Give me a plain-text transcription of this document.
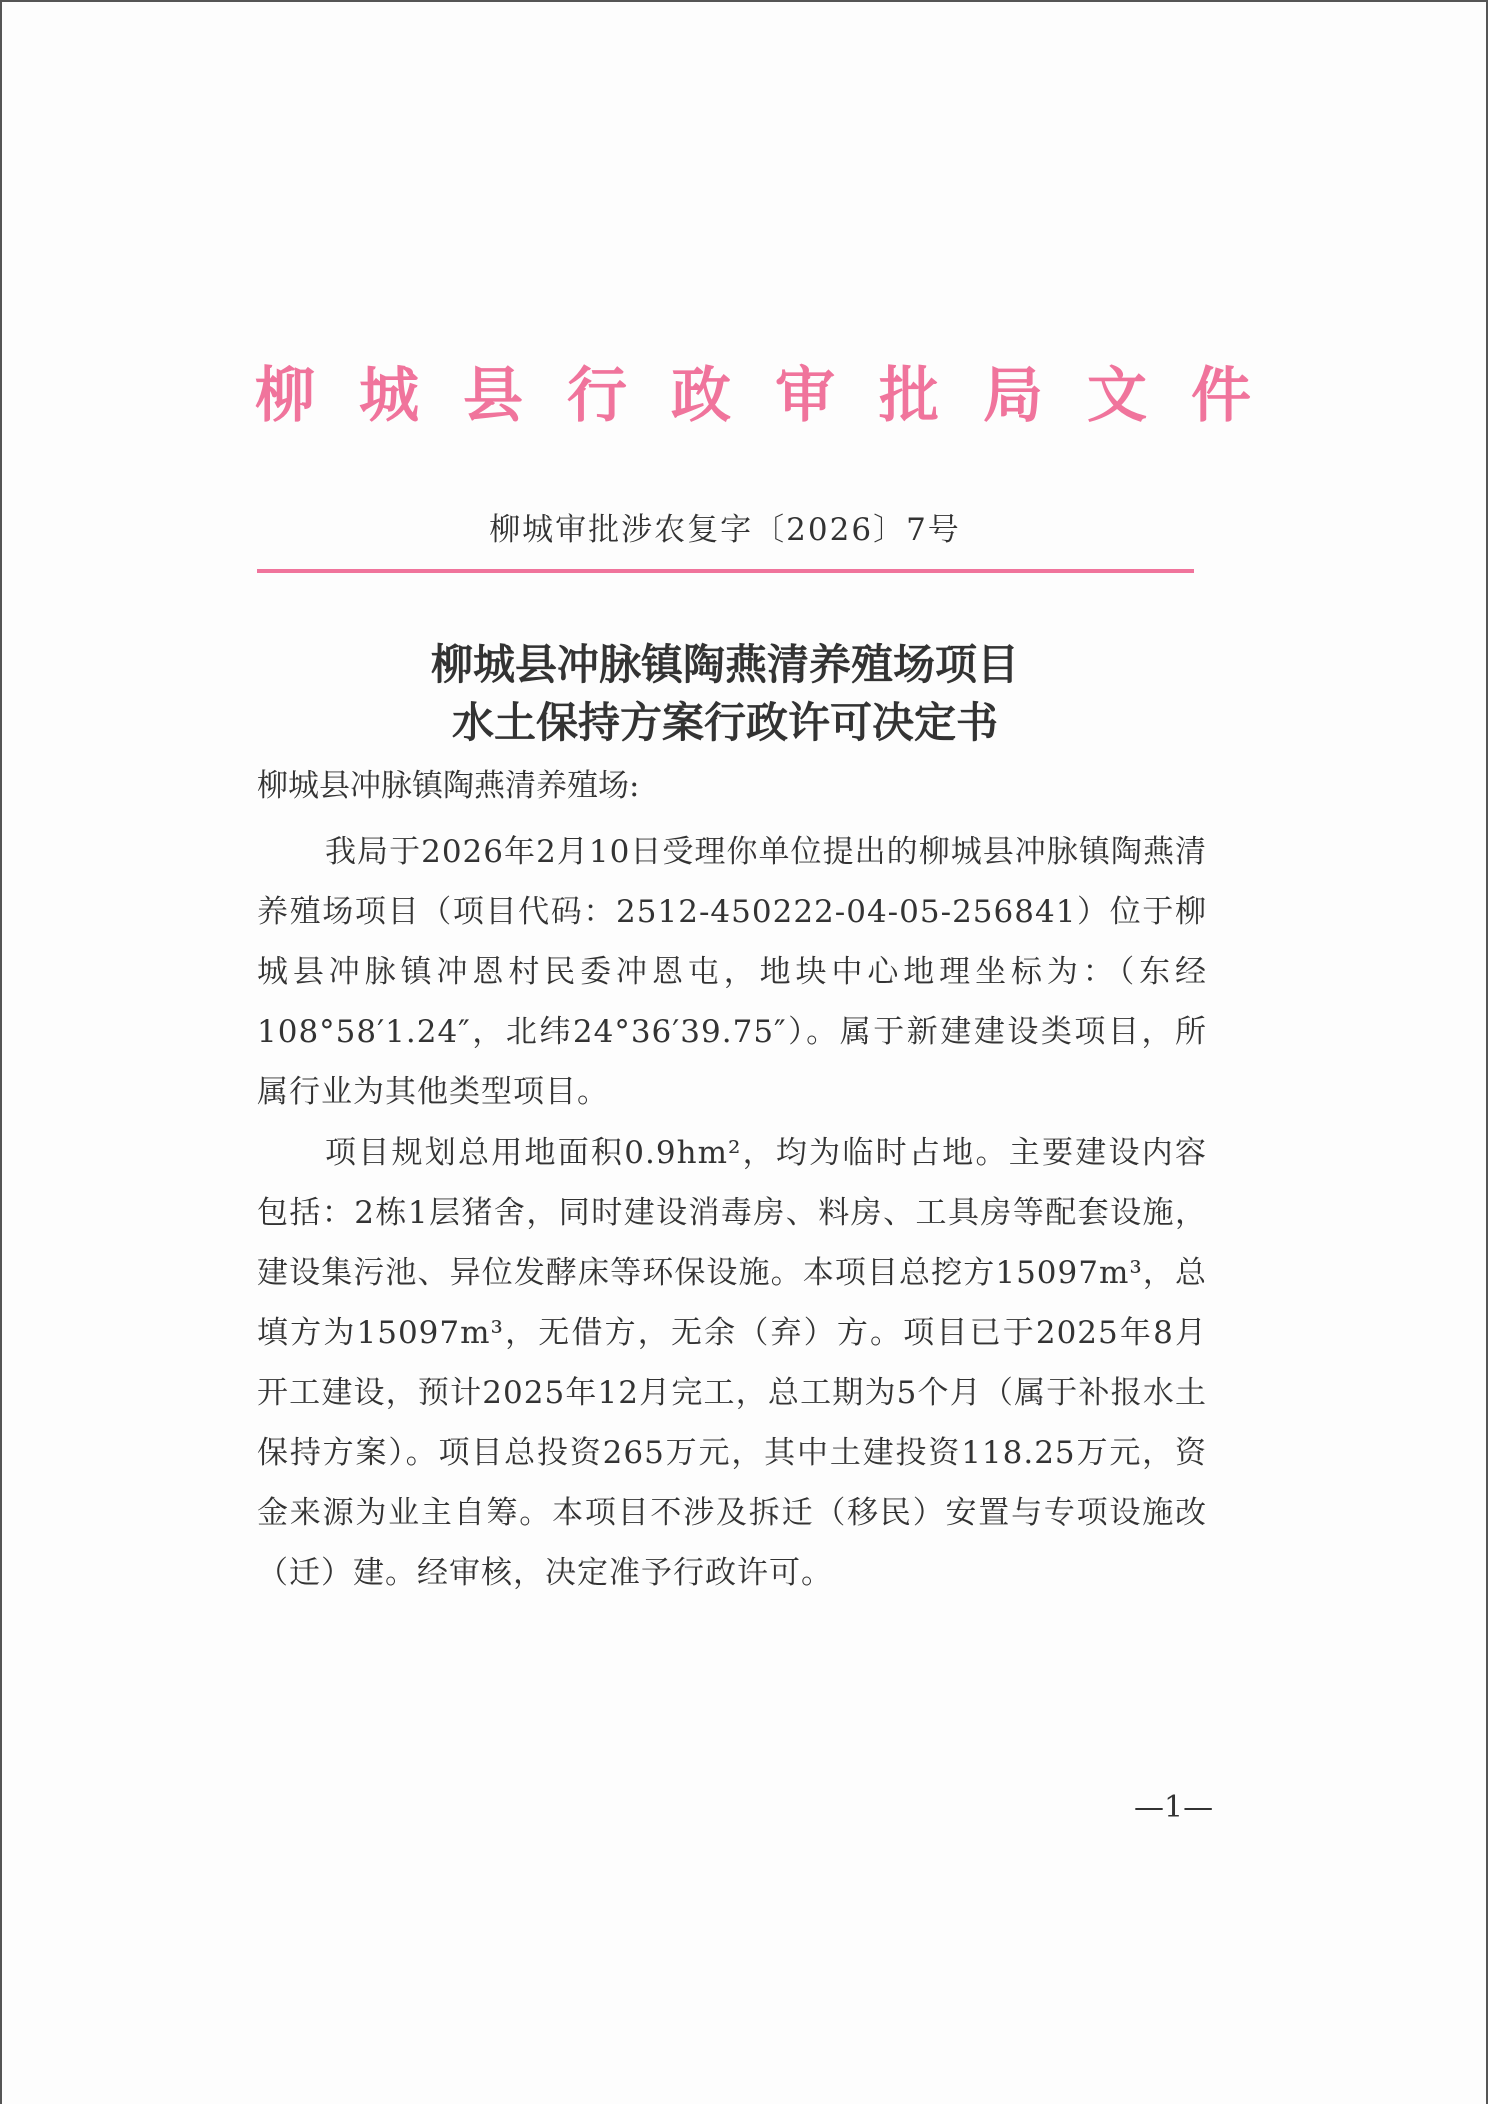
柳城县行政审批局文件
柳城审批涉农复字〔2026〕7号
柳城县冲脉镇陶燕清养殖场项目
水土保持方案行政许可决定书

柳城县冲脉镇陶燕清养殖场:

我局于2026年2月10日受理你单位提出的柳城县冲脉镇陶燕清养殖场项目（项目代码：2512-450222-04-05-256841）位于柳城县冲脉镇冲恩村民委冲恩屯，地块中心地理坐标为：（东经108°58′1.24″，北纬24°36′39.75″）。属于新建建设类项目，所属行业为其他类型项目。

项目规划总用地面积0.9hm²，均为临时占地。主要建设内容包括：2栋1层猪舍，同时建设消毒房、料房、工具房等配套设施，建设集污池、异位发酵床等环保设施。本项目总挖方15097m³，总填方为15097m³，无借方，无余（弃）方。项目已于2025年8月开工建设，预计2025年12月完工，总工期为5个月（属于补报水土保持方案）。项目总投资265万元，其中土建投资118.25万元，资金来源为业主自筹。本项目不涉及拆迁（移民）安置与专项设施改（迁）建。经审核，决定准予行政许可。

—1—
